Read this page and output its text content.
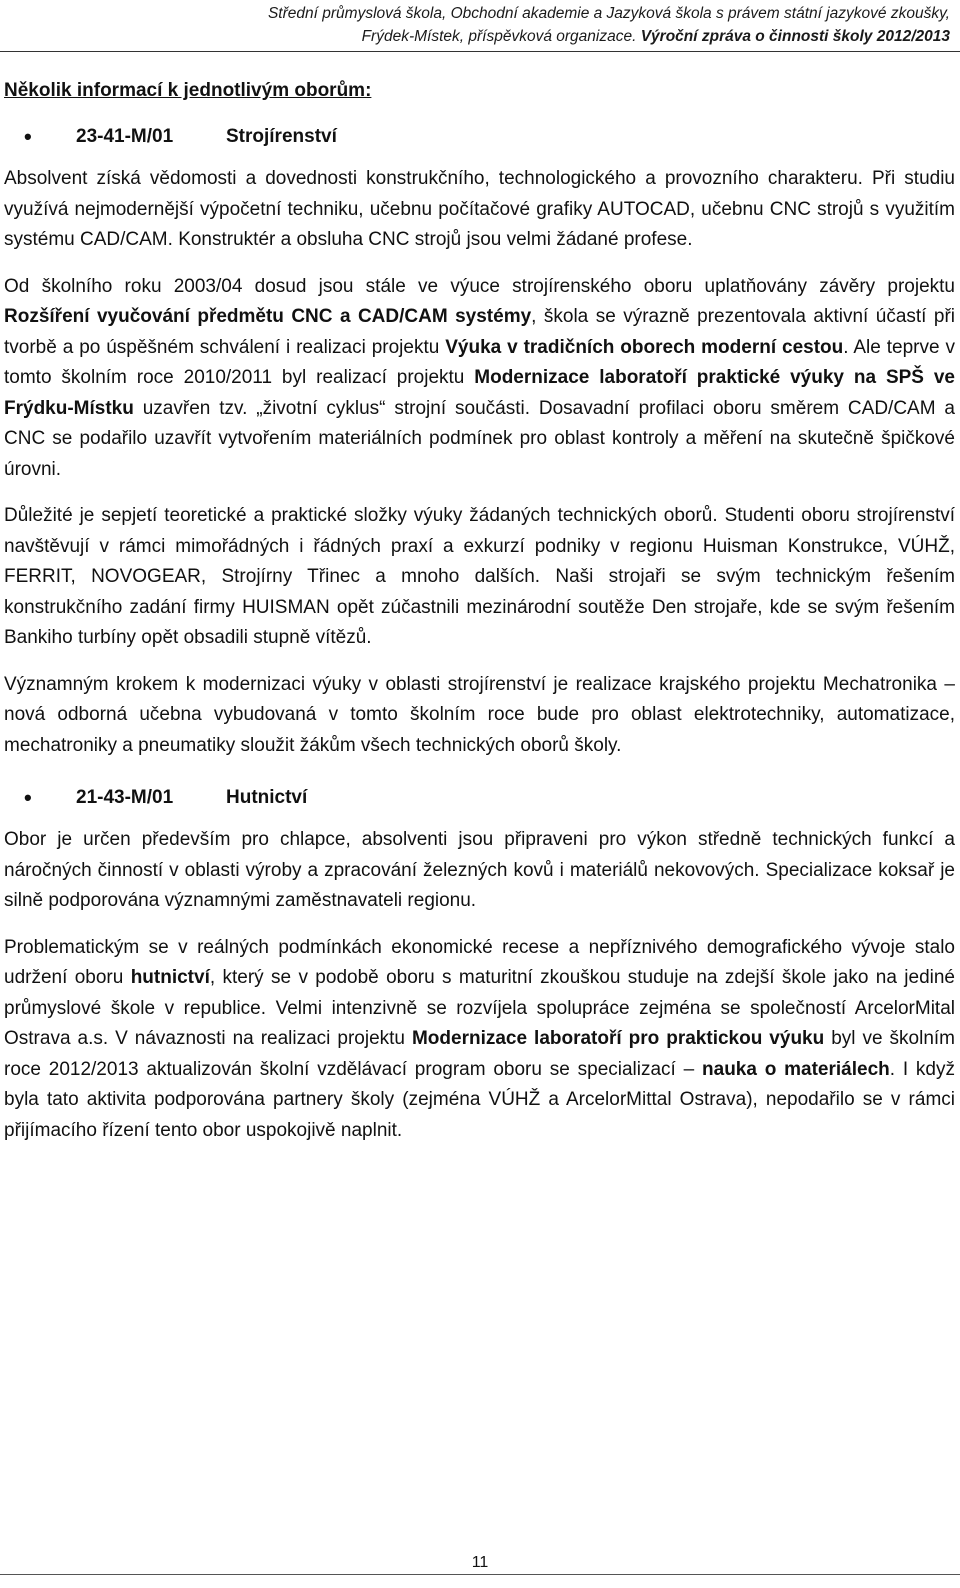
Střední průmyslová škola, Obchodní akademie a Jazyková škola s právem státní jazykové zkoušky,
Frýdek-Místek, příspěvková organizace. Výroční zpráva o činnosti školy 2012/2013
Několik informací k jednotlivým oborům:
• 23-41-M/01	Strojírenství

Absolvent získá vědomosti a dovednosti konstrukčního, technologického a provozního charakteru. Při studiu využívá nejmodernější výpočetní techniku, učebnu počítačové grafiky AUTOCAD, učebnu CNC strojů s využitím systému CAD/CAM. Konstruktér a obsluha CNC strojů jsou velmi žádané profese.

Od školního roku 2003/04 dosud jsou stále ve výuce strojírenského oboru uplatňovány závěry projektu Rozšíření vyučování předmětu CNC a CAD/CAM systémy, škola se výrazně prezentovala aktivní účastí při tvorbě a po úspěšném schválení i realizaci projektu Výuka v tradičních oborech moderní cestou. Ale teprve v tomto školním roce 2010/2011 byl realizací projektu Modernizace laboratoří praktické výuky na SPŠ ve Frýdku-Místku uzavřen tzv. „životní cyklus“ strojní součásti. Dosavadní profilaci oboru směrem CAD/CAM a CNC se podařilo uzavřít vytvořením materiálních podmínek pro oblast kontroly a měření na skutečně špičkové úrovni.

Důležité je sepjetí teoretické a praktické složky výuky žádaných technických oborů. Studenti oboru strojírenství navštěvují v rámci mimořádných i řádných praxí a exkurzí podniky v regionu Huisman Konstrukce, VÚHŽ, FERRIT, NOVOGEAR, Strojírny Třinec a mnoho dalších. Naši strojaři se svým technickým řešením konstrukčního zadání firmy HUISMAN opět zúčastnili mezinárodní soutěže Den strojaře, kde se svým řešením Bankiho turbíny opět obsadili stupně vítězů.

Významným krokem k modernizaci výuky v oblasti strojírenství je realizace krajského projektu Mechatronika – nová odborná učebna vybudovaná v tomto školním roce bude pro oblast elektrotechniky, automatizace, mechatroniky a pneumatiky sloužit žákům všech technických oborů školy.

• 21-43-M/01	Hutnictví

Obor je určen především pro chlapce, absolventi jsou připraveni pro výkon středně technických funkcí a náročných činností v oblasti výroby a zpracování železných kovů i materiálů nekovových. Specializace koksař je silně podporována významnými zaměstnavateli regionu.

Problematickým se v reálných podmínkách ekonomické recese a nepříznivého demografického vývoje stalo udržení oboru hutnictví, který se v podobě oboru s maturitní zkouškou studuje na zdejší škole jako na jediné průmyslové škole v republice. Velmi intenzivně se rozvíjela spolupráce zejména se společností ArcelorMital Ostrava a.s. V návaznosti na realizaci projektu Modernizace laboratoří pro praktickou výuku byl ve školním roce 2012/2013 aktualizován školní vzdělávací program oboru se specializací – nauka o materiálech. I když byla tato aktivita podporována partnery školy (zejména VÚHŽ a ArcelorMittal Ostrava), nepodařilo se v rámci přijímacího řízení tento obor uspokojivě naplnit.

11
